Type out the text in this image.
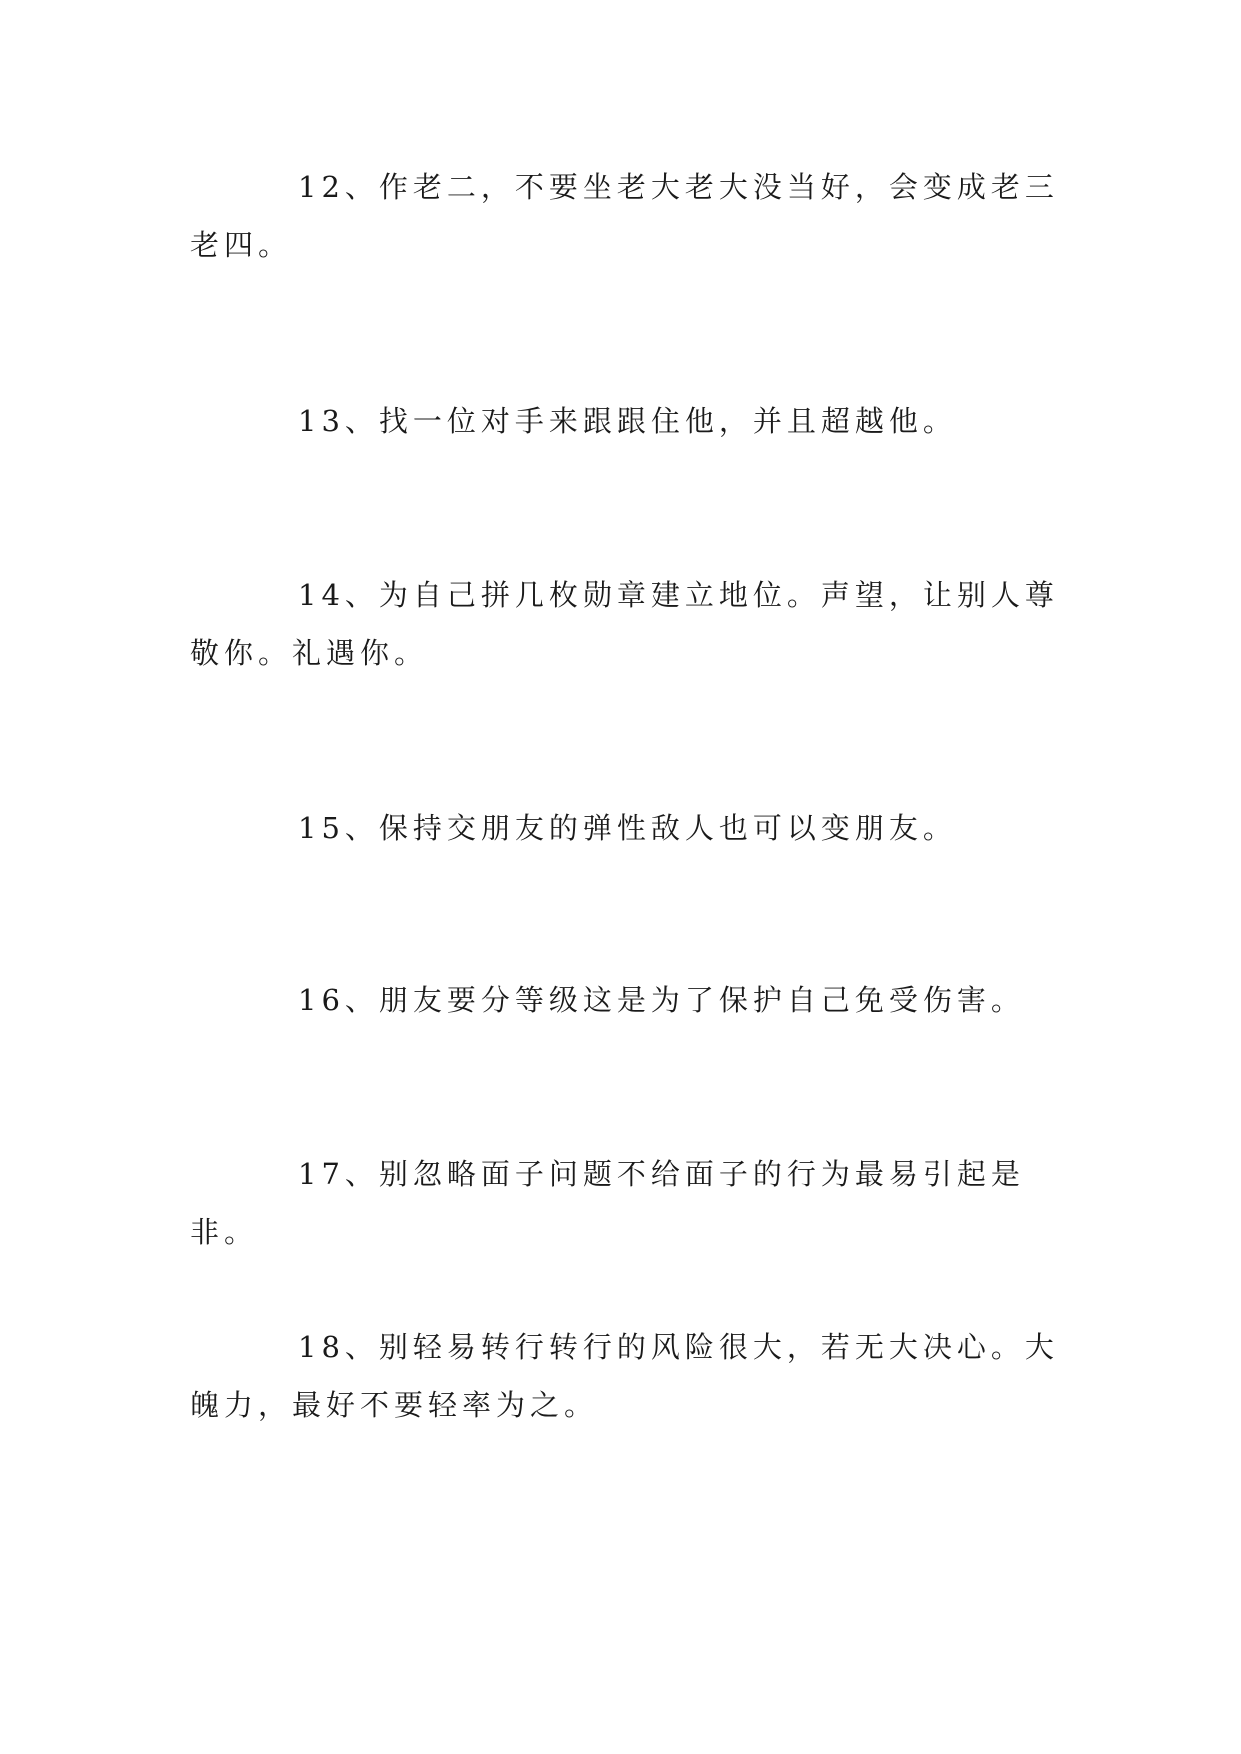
12、作老二，不要坐老大老大没当好，会变成老三老四。

13、找一位对手来跟跟住他，并且超越他。

14、为自己拼几枚勋章建立地位。声望，让别人尊敬你。礼遇你。

15、保持交朋友的弹性敌人也可以变朋友。

16、朋友要分等级这是为了保护自己免受伤害。

17、别忽略面子问题不给面子的行为最易引起是非。

18、别轻易转行转行的风险很大，若无大决心。大魄力，最好不要轻率为之。
